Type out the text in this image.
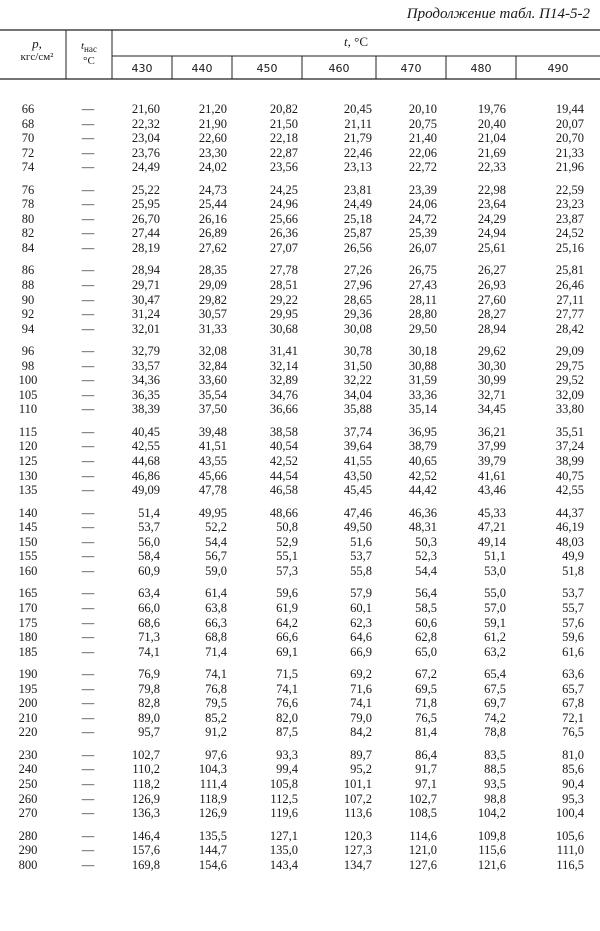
Продолжение табл. П14-5-2
p,
кгс/см²
$t_{нас}$
°C
t, °C
430	440	450	460	470	480	490
66	—	21,60	21,20	20,82	20,45	20,10	19,76	19,44
68	—	22,32	21,90	21,50	21,11	20,75	20,40	20,07
70	—	23,04	22,60	22,18	21,79	21,40	21,04	20,70
72	—	23,76	23,30	22,87	22,46	22,06	21,69	21,33
74	—	24,49	24,02	23,56	23,13	22,72	22,33	21,96
76	—	25,22	24,73	24,25	23,81	23,39	22,98	22,59
78	—	25,95	25,44	24,96	24,49	24,06	23,64	23,23
80	—	26,70	26,16	25,66	25,18	24,72	24,29	23,87
82	—	27,44	26,89	26,36	25,87	25,39	24,94	24,52
84	—	28,19	27,62	27,07	26,56	26,07	25,61	25,16
86	—	28,94	28,35	27,78	27,26	26,75	26,27	25,81
88	—	29,71	29,09	28,51	27,96	27,43	26,93	26,46
90	—	30,47	29,82	29,22	28,65	28,11	27,60	27,11
92	—	31,24	30,57	29,95	29,36	28,80	28,27	27,77
94	—	32,01	31,33	30,68	30,08	29,50	28,94	28,42
96	—	32,79	32,08	31,41	30,78	30,18	29,62	29,09
98	—	33,57	32,84	32,14	31,50	30,88	30,30	29,75
100	—	34,36	33,60	32,89	32,22	31,59	30,99	29,52
105	—	36,35	35,54	34,76	34,04	33,36	32,71	32,09
110	—	38,39	37,50	36,66	35,88	35,14	34,45	33,80
115	—	40,45	39,48	38,58	37,74	36,95	36,21	35,51
120	—	42,55	41,51	40,54	39,64	38,79	37,99	37,24
125	—	44,68	43,55	42,52	41,55	40,65	39,79	38,99
130	—	46,86	45,66	44,54	43,50	42,52	41,61	40,75
135	—	49,09	47,78	46,58	45,45	44,42	43,46	42,55
140	—	51,4	49,95	48,66	47,46	46,36	45,33	44,37
145	—	53,7	52,2	50,8	49,50	48,31	47,21	46,19
150	—	56,0	54,4	52,9	51,6	50,3	49,14	48,03
155	—	58,4	56,7	55,1	53,7	52,3	51,1	49,9
160	—	60,9	59,0	57,3	55,8	54,4	53,0	51,8
165	—	63,4	61,4	59,6	57,9	56,4	55,0	53,7
170	—	66,0	63,8	61,9	60,1	58,5	57,0	55,7
175	—	68,6	66,3	64,2	62,3	60,6	59,1	57,6
180	—	71,3	68,8	66,6	64,6	62,8	61,2	59,6
185	—	74,1	71,4	69,1	66,9	65,0	63,2	61,6
190	—	76,9	74,1	71,5	69,2	67,2	65,4	63,6
195	—	79,8	76,8	74,1	71,6	69,5	67,5	65,7
200	—	82,8	79,5	76,6	74,1	71,8	69,7	67,8
210	—	89,0	85,2	82,0	79,0	76,5	74,2	72,1
220	—	95,7	91,2	87,5	84,2	81,4	78,8	76,5
230	—	102,7	97,6	93,3	89,7	86,4	83,5	81,0
240	—	110,2	104,3	99,4	95,2	91,7	88,5	85,6
250	—	118,2	111,4	105,8	101,1	97,1	93,5	90,4
260	—	126,9	118,9	112,5	107,2	102,7	98,8	95,3
270	—	136,3	126,9	119,6	113,6	108,5	104,2	100,4
280	—	146,4	135,5	127,1	120,3	114,6	109,8	105,6
290	—	157,6	144,7	135,0	127,3	121,0	115,6	111,0
800	—	169,8	154,6	143,4	134,7	127,6	121,6	116,5
